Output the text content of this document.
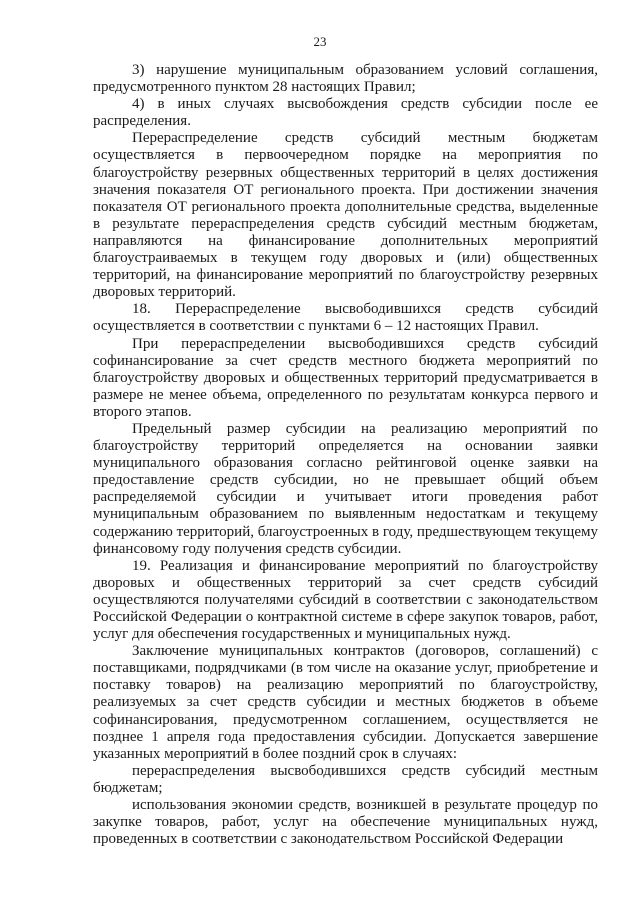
23

3) нарушение муниципальным образованием условий соглашения, предусмотренного пунктом 28 настоящих Правил;

4) в иных случаях высвобождения средств субсидии после ее распределения.

Перераспределение средств субсидий местным бюджетам осуществляется в первоочередном порядке на мероприятия по благоустройству резервных общественных территорий в целях достижения значения показателя ОТ регионального проекта. При достижении значения показателя ОТ регионального проекта дополнительные средства, выделенные в результате перераспределения средств субсидий местным бюджетам, направляются на финансирование дополнительных мероприятий благоустраиваемых в текущем году дворовых и (или) общественных территорий, на финансирование мероприятий по благоустройству резервных дворовых территорий.

18. Перераспределение высвободившихся средств субсидий осуществляется в соответствии с пунктами 6 – 12 настоящих Правил.

При перераспределении высвободившихся средств субсидий софинансирование за счет средств местного бюджета мероприятий по благоустройству дворовых и общественных территорий предусматривается в размере не менее объема, определенного по результатам конкурса первого и второго этапов.

Предельный размер субсидии на реализацию мероприятий по благоустройству территорий определяется на основании заявки муниципального образования согласно рейтинговой оценке заявки на предоставление средств субсидии, но не превышает общий объем распределяемой субсидии и учитывает итоги проведения работ муниципальным образованием по выявленным недостаткам и текущему содержанию территорий, благоустроенных в году, предшествующем текущему финансовому году получения средств субсидии.

19. Реализация и финансирование мероприятий по благоустройству дворовых и общественных территорий за счет средств субсидий осуществляются получателями субсидий в соответствии с законодательством Российской Федерации о контрактной системе в сфере закупок товаров, работ, услуг для обеспечения государственных и муниципальных нужд.

Заключение муниципальных контрактов (договоров, соглашений) с поставщиками, подрядчиками (в том числе на оказание услуг, приобретение и поставку товаров) на реализацию мероприятий по благоустройству, реализуемых за счет средств субсидии и местных бюджетов в объеме софинансирования, предусмотренном соглашением, осуществляется не позднее 1 апреля года предоставления субсидии. Допускается завершение указанных мероприятий в более поздний срок в случаях:

перераспределения высвободившихся средств субсидий местным бюджетам;

использования экономии средств, возникшей в результате процедур по закупке товаров, работ, услуг на обеспечение муниципальных нужд, проведенных в соответствии с законодательством Российской Федерации
